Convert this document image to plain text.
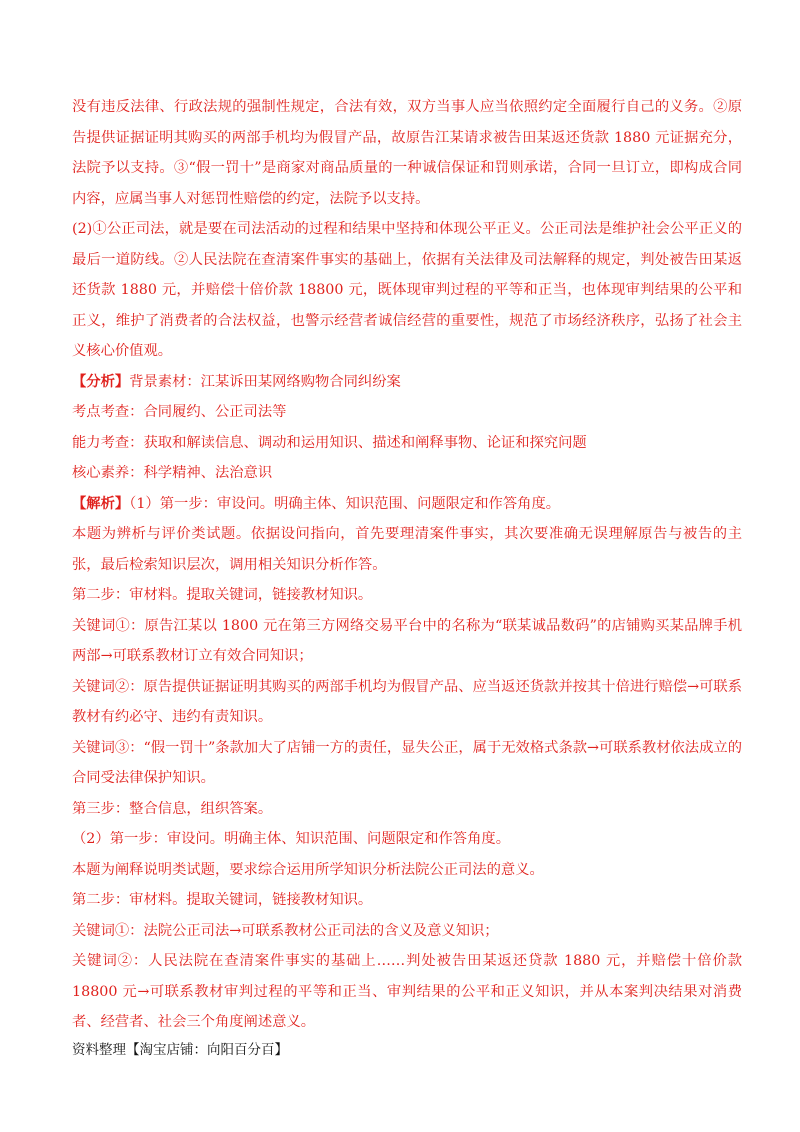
没有违反法律、行政法规的强制性规定，合法有效，双方当事人应当依照约定全面履行自己的义务。②原告提供证据证明其购买的两部手机均为假冒产品，故原告江某请求被告田某返还货款 1880 元证据充分，法院予以支持。③“假一罚十”是商家对商品质量的一种诚信保证和罚则承诺，合同一旦订立，即构成合同内容，应属当事人对惩罚性赔偿的约定，法院予以支持。

(2)①公正司法，就是要在司法活动的过程和结果中坚持和体现公平正义。公正司法是维护社会公平正义的最后一道防线。②人民法院在查清案件事实的基础上，依据有关法律及司法解释的规定，判处被告田某返还货款 1880 元，并赔偿十倍价款 18800 元，既体现审判过程的平等和正当，也体现审判结果的公平和正义，维护了消费者的合法权益，也警示经营者诚信经营的重要性，规范了市场经济秩序，弘扬了社会主义核心价值观。

【分析】背景素材：江某诉田某网络购物合同纠纷案

考点考查：合同履约、公正司法等

能力考查：获取和解读信息、调动和运用知识、描述和阐释事物、论证和探究问题

核心素养：科学精神、法治意识

【解析】（1）第一步：审设问。明确主体、知识范围、问题限定和作答角度。

本题为辨析与评价类试题。依据设问指向，首先要理清案件事实，其次要准确无误理解原告与被告的主张，最后检索知识层次，调用相关知识分析作答。

第二步：审材料。提取关键词，链接教材知识。

关键词①：原告江某以 1800 元在第三方网络交易平台中的名称为“联某诚品数码”的店铺购买某品牌手机两部→可联系教材订立有效合同知识；

关键词②：原告提供证据证明其购买的两部手机均为假冒产品、应当返还货款并按其十倍进行赔偿→可联系教材有约必守、违约有责知识。

关键词③：“假一罚十”条款加大了店铺一方的责任，显失公正，属于无效格式条款→可联系教材依法成立的合同受法律保护知识。

第三步：整合信息，组织答案。

（2）第一步：审设问。明确主体、知识范围、问题限定和作答角度。

本题为阐释说明类试题，要求综合运用所学知识分析法院公正司法的意义。

第二步：审材料。提取关键词，链接教材知识。

关键词①：法院公正司法→可联系教材公正司法的含义及意义知识；

关键词②：人民法院在查清案件事实的基础上……判处被告田某返还贷款 1880 元，并赔偿十倍价款 18800 元→可联系教材审判过程的平等和正当、审判结果的公平和正义知识，并从本案判决结果对消费者、经营者、社会三个角度阐述意义。

资料整理【淘宝店铺：向阳百分百】
